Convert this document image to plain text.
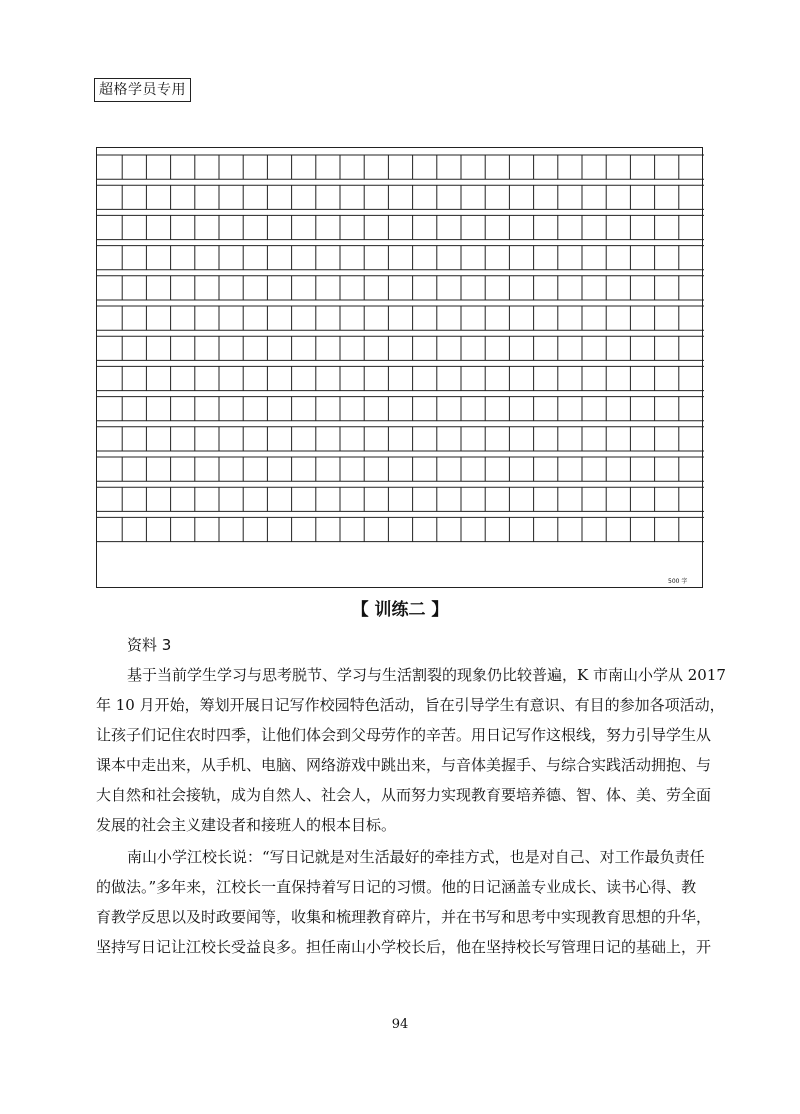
超格学员专用
500 字
【 训练二 】
资料 3
基于当前学生学习与思考脱节、学习与生活割裂的现象仍比较普遍，K 市南山小学从 2017
年 10 月开始，筹划开展日记写作校园特色活动，旨在引导学生有意识、有目的参加各项活动，
让孩子们记住农时四季，让他们体会到父母劳作的辛苦。用日记写作这根线，努力引导学生从
课本中走出来，从手机、电脑、网络游戏中跳出来，与音体美握手、与综合实践活动拥抱、与
大自然和社会接轨，成为自然人、社会人，从而努力实现教育要培养德、智、体、美、劳全面
发展的社会主义建设者和接班人的根本目标。
南山小学江校长说：“写日记就是对生活最好的牵挂方式，也是对自己、对工作最负责任
的做法。”多年来，江校长一直保持着写日记的习惯。他的日记涵盖专业成长、读书心得、教
育教学反思以及时政要闻等，收集和梳理教育碎片，并在书写和思考中实现教育思想的升华，
坚持写日记让江校长受益良多。担任南山小学校长后，他在坚持校长写管理日记的基础上，开
94
